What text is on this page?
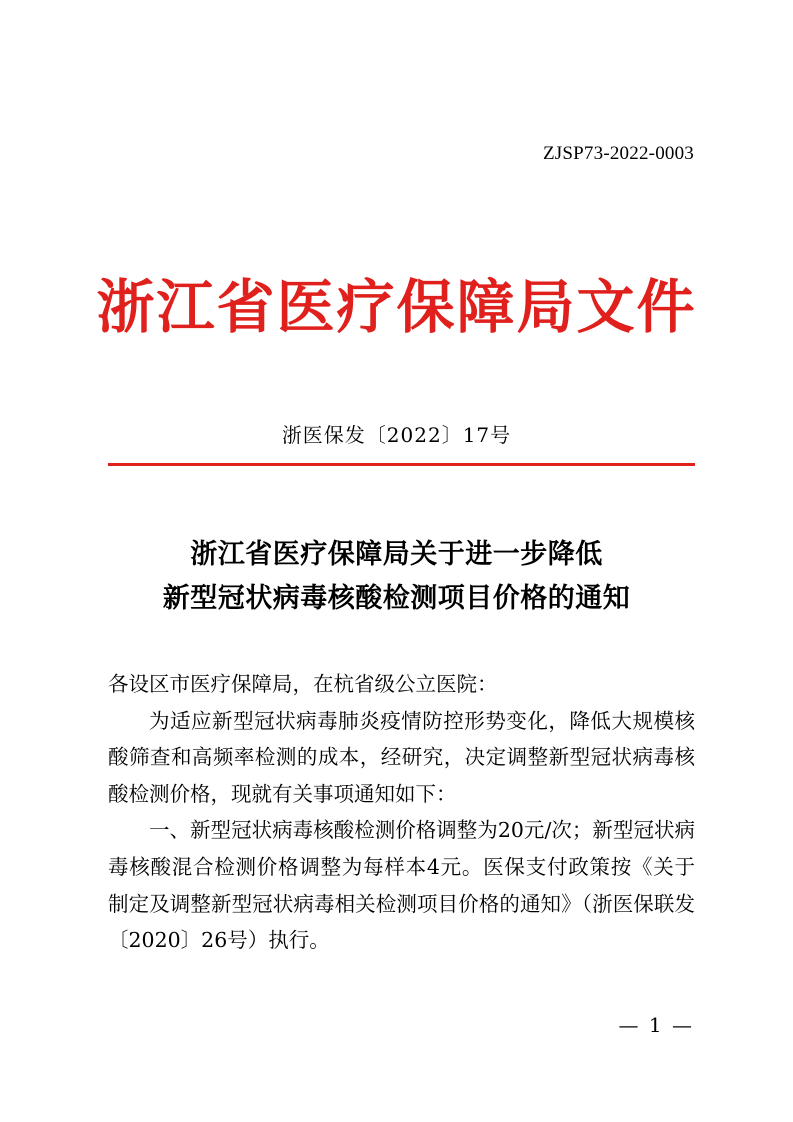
ZJSP73-2022-0003
浙江省医疗保障局文件
浙医保发〔2022〕17号
浙江省医疗保障局关于进一步降低
新型冠状病毒核酸检测项目价格的通知

各设区市医疗保障局，在杭省级公立医院：

为适应新型冠状病毒肺炎疫情防控形势变化，降低大规模核酸筛查和高频率检测的成本，经研究，决定调整新型冠状病毒核酸检测价格，现就有关事项通知如下：

一、新型冠状病毒核酸检测价格调整为20元/次；新型冠状病毒核酸混合检测价格调整为每样本4元。医保支付政策按《关于制定及调整新型冠状病毒相关检测项目价格的通知》（浙医保联发〔2020〕26号）执行。

— 1 —
